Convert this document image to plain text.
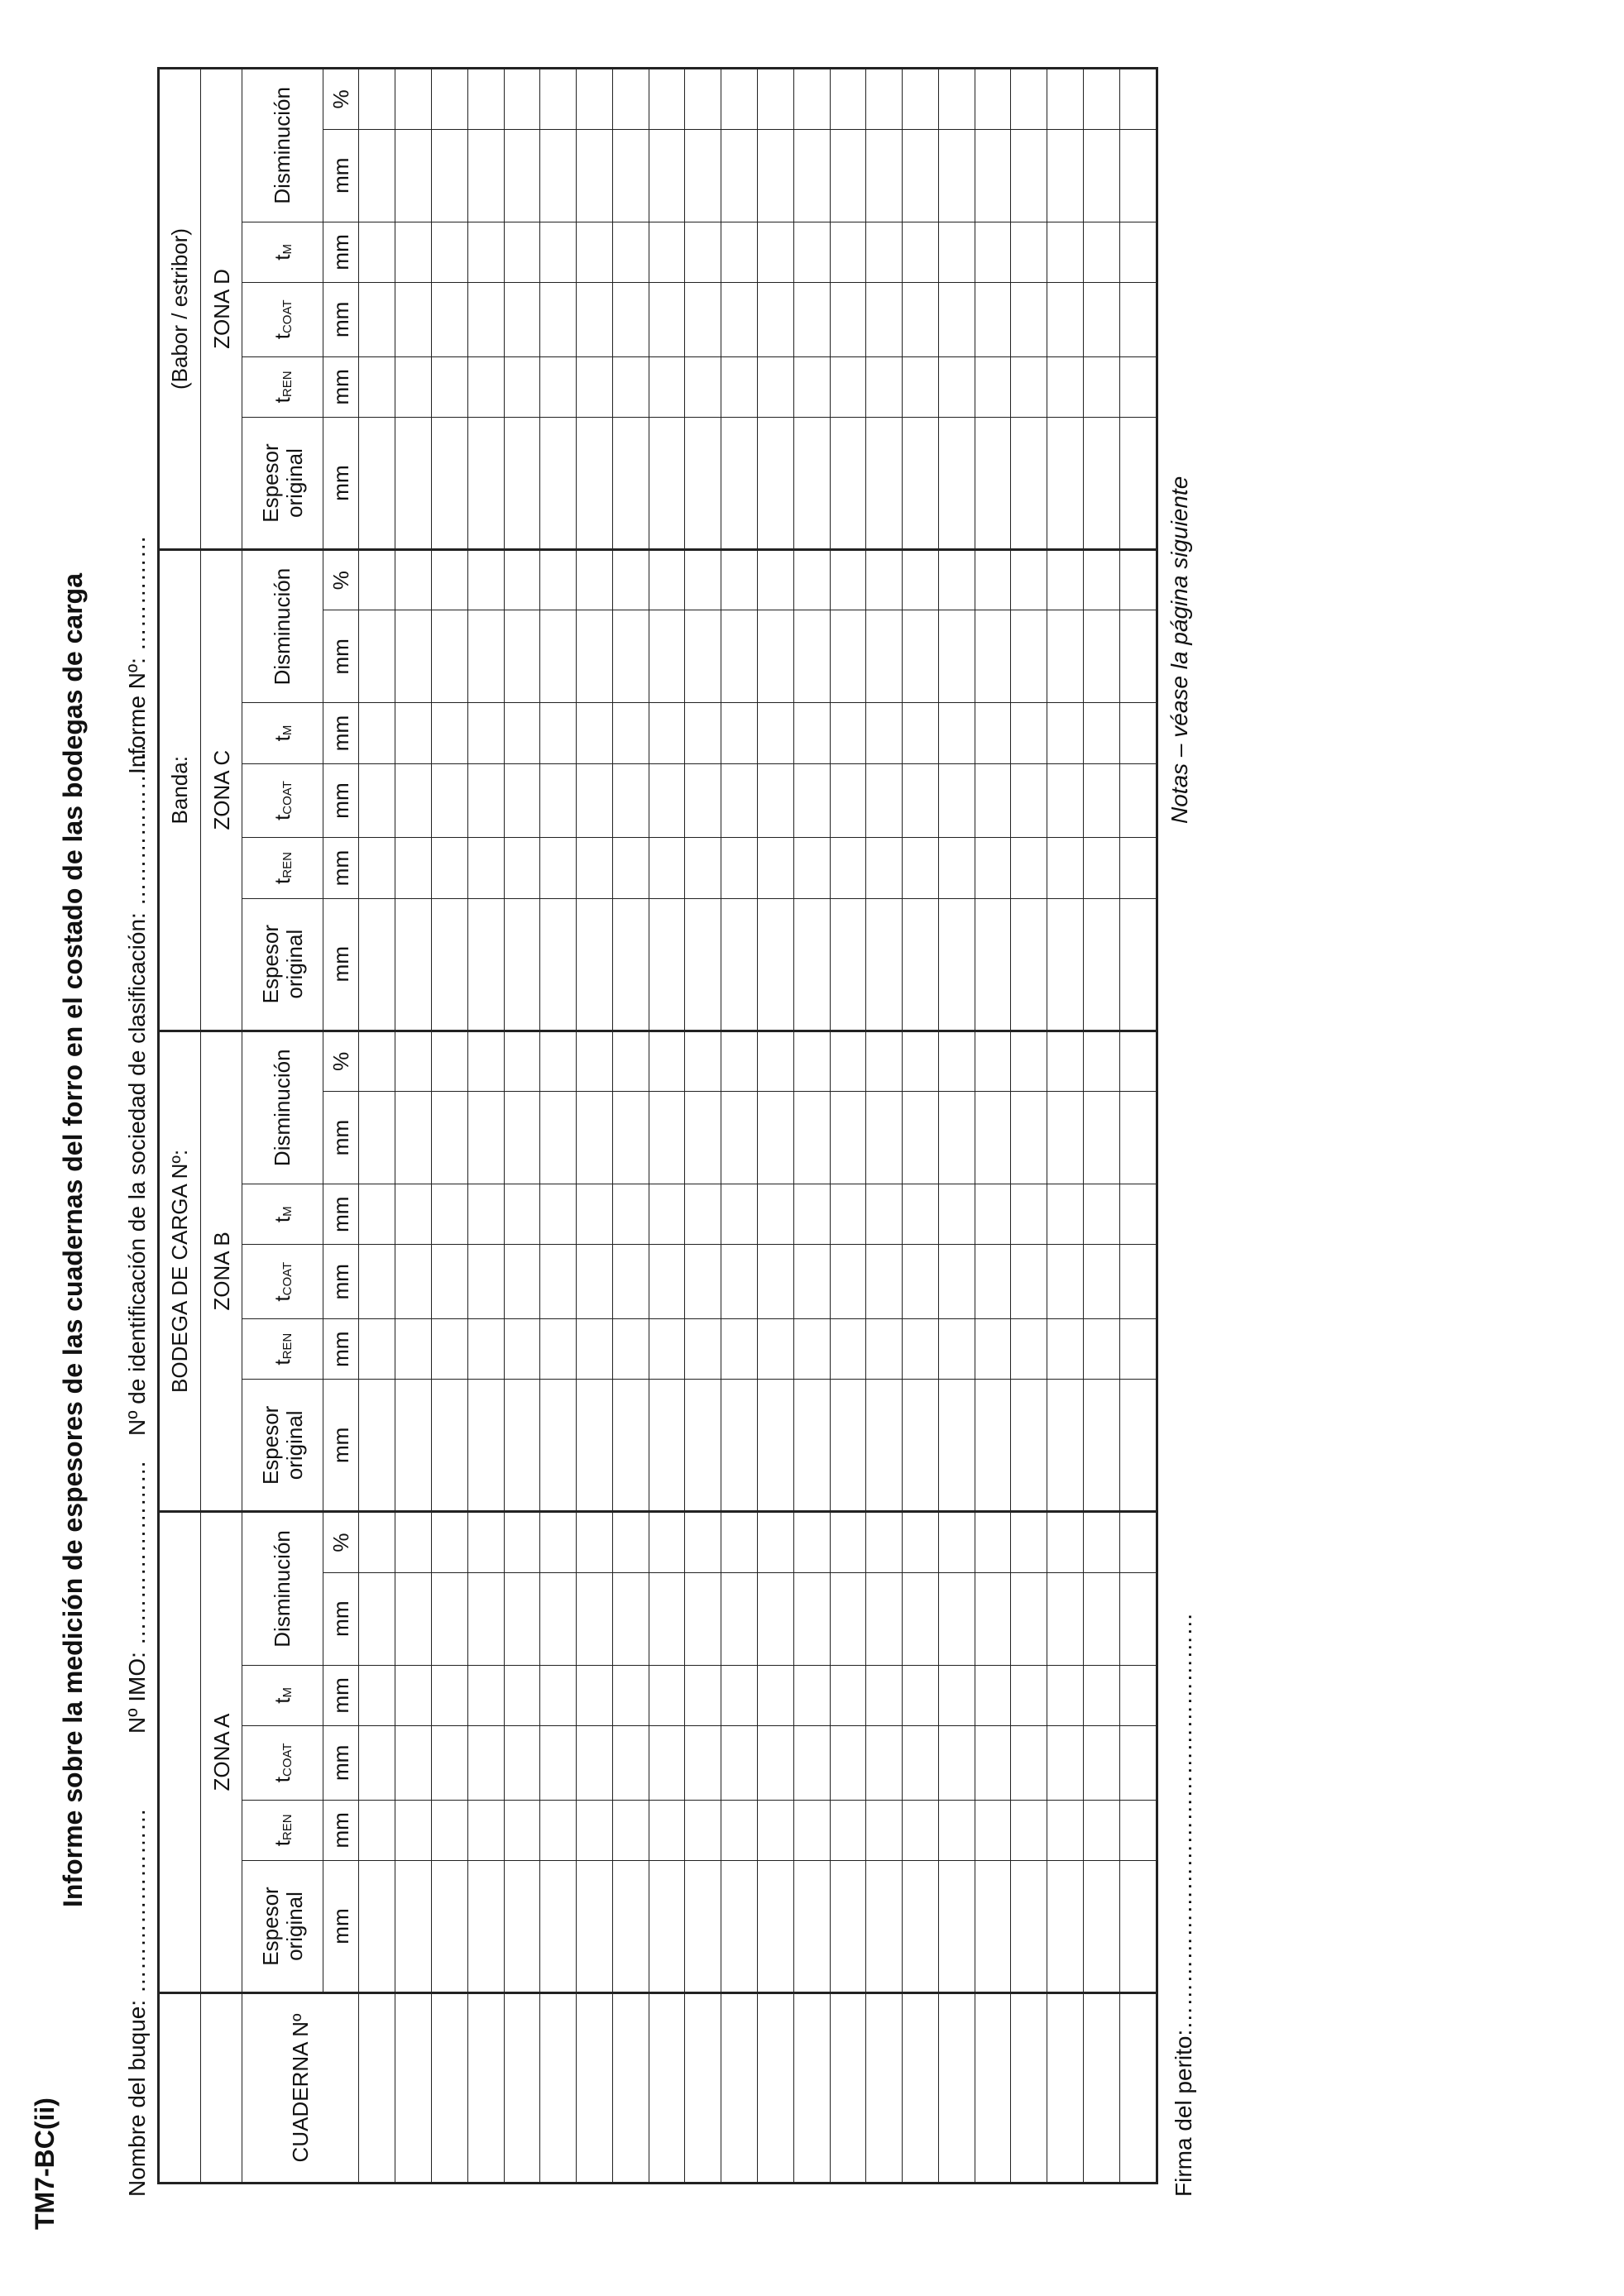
TM7-BC(ii)
Informe sobre la medición de espesores de las cuadernas del forro en el costado de las bodegas de carga
Nombre del buque: ……………………
Nº IMO: ……………………
Nº de identificación de la sociedad de clasificación: ……………………
Informe Nº: ……………
							BODEGA DE CARGA Nº:						Banda:						(Babor / estribor)					
	ZONA A						ZONA B						ZONA C						ZONA D					
CUADERNA Nº	Espesor original	$t_{REN}$	$t_{COAT}$	$t_M$	Disminución		Espesor original	$t_{REN}$	$t_{COAT}$	$t_M$	Disminución		Espesor original	$t_{REN}$	$t_{COAT}$	$t_M$	Disminución		Espesor original	$t_{REN}$	$t_{COAT}$	$t_M$	Disminución	
	mm	mm	mm	mm	mm	%	mm	mm	mm	mm	mm	%	mm	mm	mm	mm	mm	%	mm	mm	mm	mm	mm	%

Firma del perito:………………………………………………
Notas – véase la página siguiente
